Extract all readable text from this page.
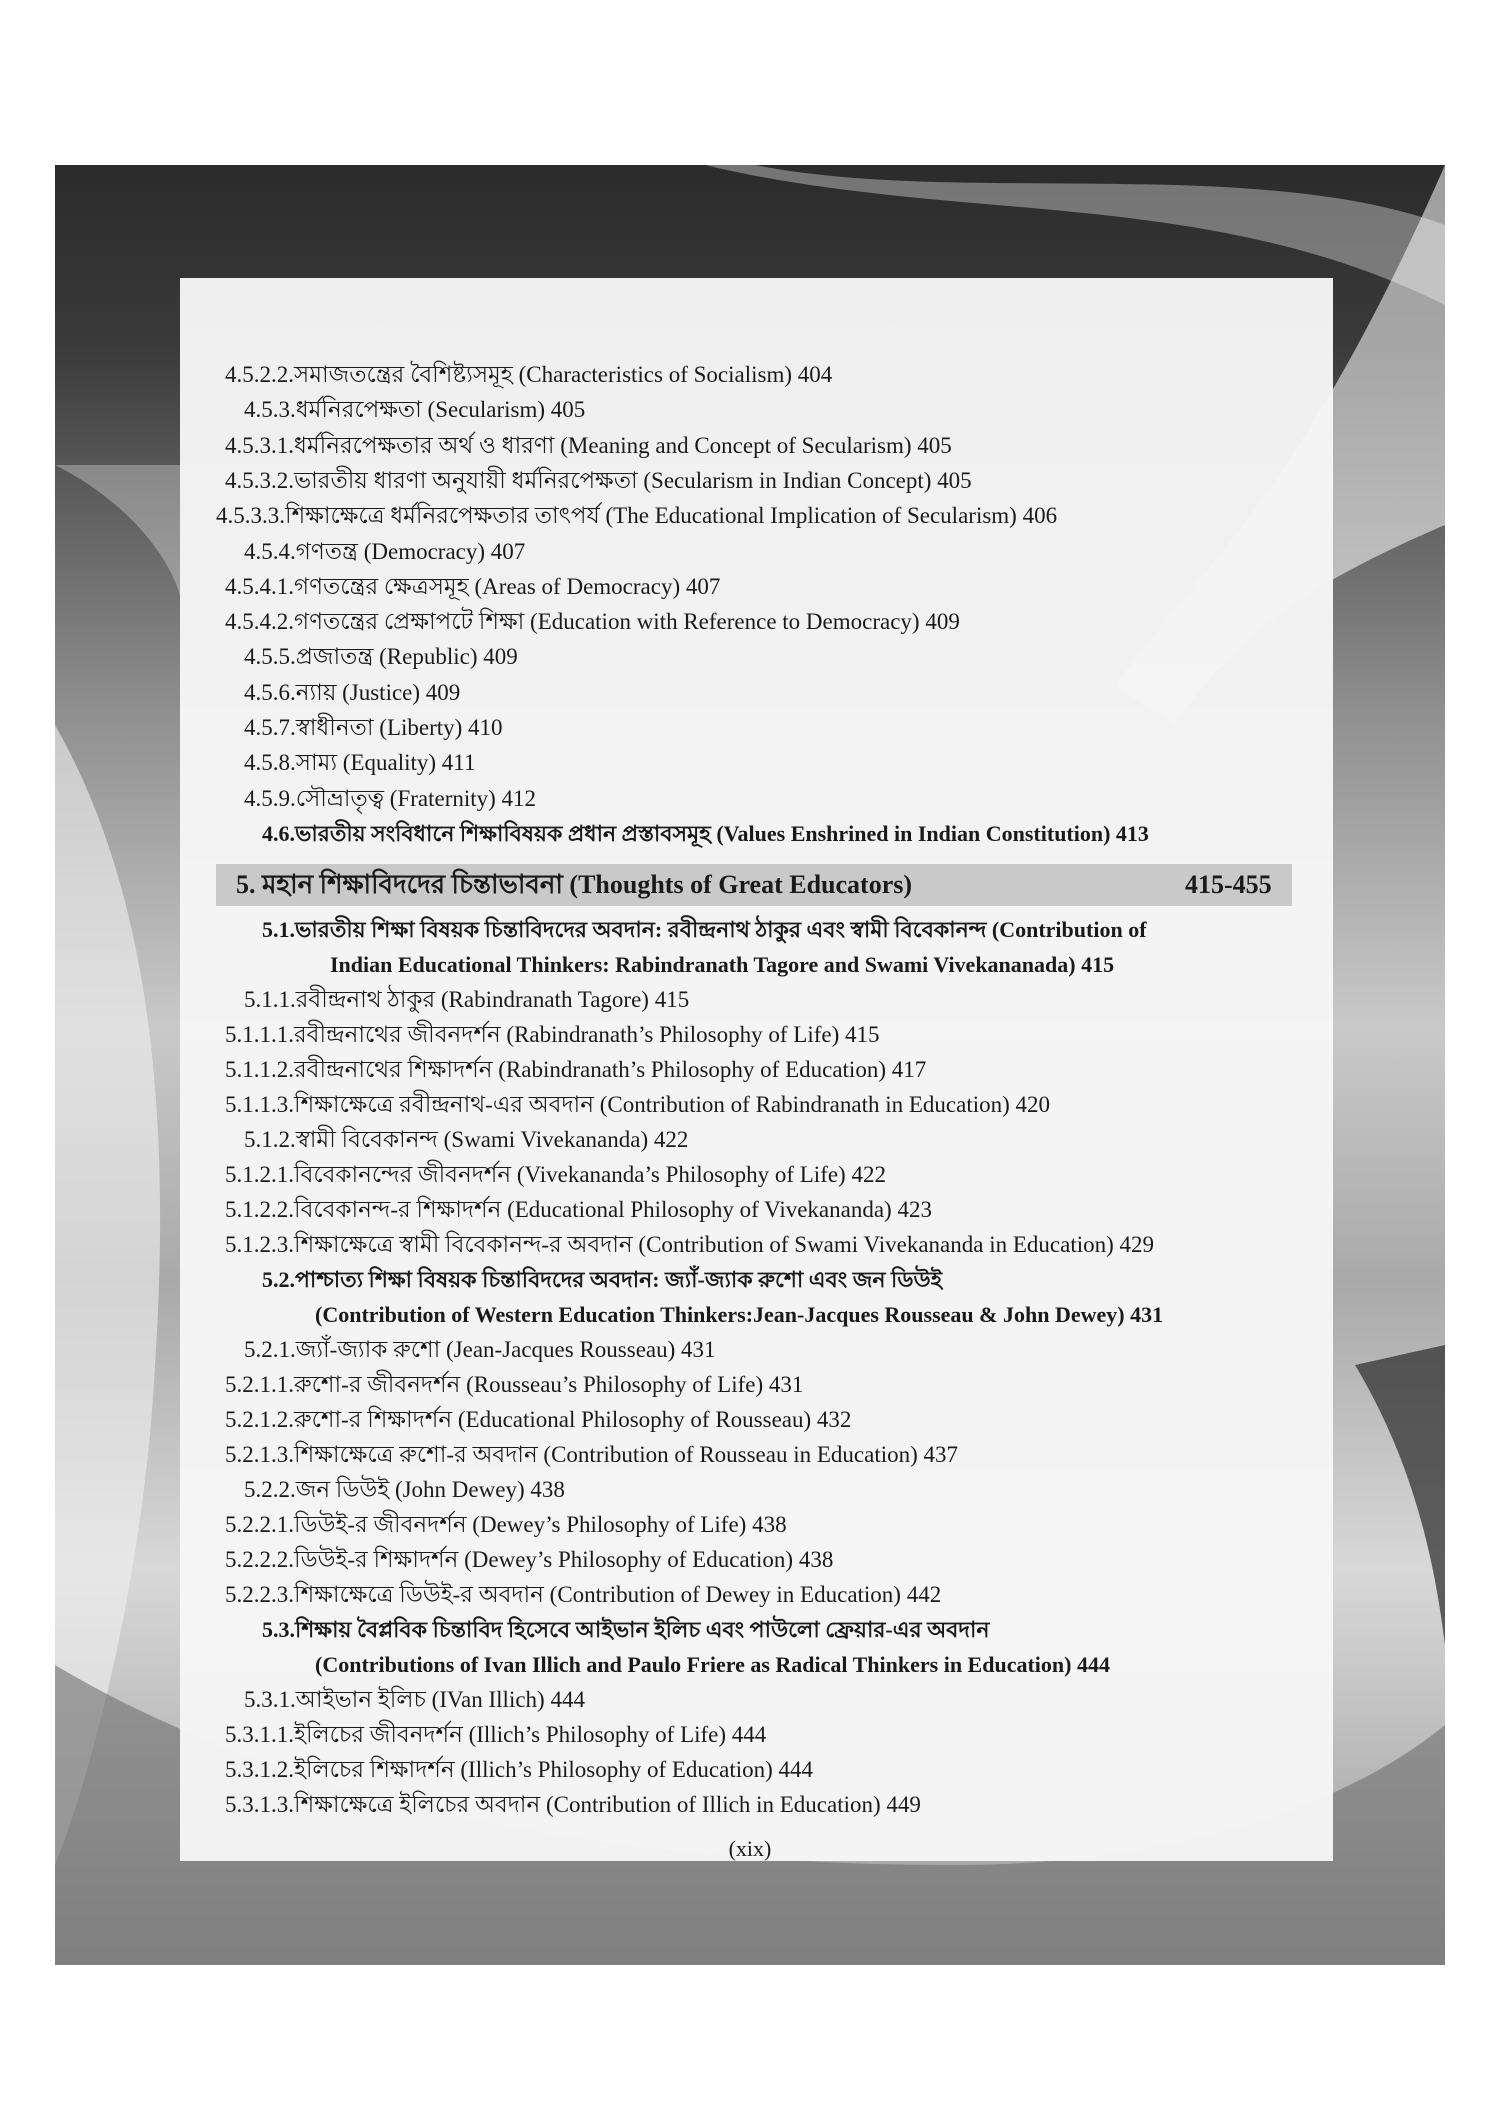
4.5.2.2.সমাজতন্ত্রের বৈশিষ্ট্যসমূহ (Characteristics of Socialism) 404
4.5.3.ধর্মনিরপেক্ষতা (Secularism) 405
4.5.3.1.ধর্মনিরপেক্ষতার অর্থ ও ধারণা (Meaning and Concept of Secularism) 405
4.5.3.2.ভারতীয় ধারণা অনুযায়ী ধর্মনিরপেক্ষতা (Secularism in Indian Concept) 405
4.5.3.3.শিক্ষাক্ষেত্রে ধর্মনিরপেক্ষতার তাৎপর্য (The Educational Implication of Secularism) 406
4.5.4.গণতন্ত্র (Democracy) 407
4.5.4.1.গণতন্ত্রের ক্ষেত্রসমূহ (Areas of Democracy) 407
4.5.4.2.গণতন্ত্রের প্রেক্ষাপটে শিক্ষা (Education with Reference to Democracy) 409
4.5.5.প্রজাতন্ত্র (Republic) 409
4.5.6.ন্যায় (Justice) 409
4.5.7.স্বাধীনতা (Liberty) 410
4.5.8.সাম্য (Equality) 411
4.5.9.সৌভ্রাতৃত্ব (Fraternity) 412
4.6.ভারতীয় সংবিধানে শিক্ষাবিষয়ক প্রধান প্রস্তাবসমূহ (Values Enshrined in Indian Constitution) 413
5. মহান শিক্ষাবিদদের চিন্তাভাবনা (Thoughts of Great Educators)	415-455
5.1.ভারতীয় শিক্ষা বিষয়ক চিন্তাবিদদের অবদান: রবীন্দ্রনাথ ঠাকুর এবং স্বামী বিবেকানন্দ (Contribution of
Indian Educational Thinkers: Rabindranath Tagore and Swami Vivekananada) 415
5.1.1.রবীন্দ্রনাথ ঠাকুর (Rabindranath Tagore) 415
5.1.1.1.রবীন্দ্রনাথের জীবনদর্শন (Rabindranath’s Philosophy of Life) 415
5.1.1.2.রবীন্দ্রনাথের শিক্ষাদর্শন (Rabindranath’s Philosophy of Education) 417
5.1.1.3.শিক্ষাক্ষেত্রে রবীন্দ্রনাথ-এর অবদান (Contribution of Rabindranath in Education) 420
5.1.2.স্বামী বিবেকানন্দ (Swami Vivekananda) 422
5.1.2.1.বিবেকানন্দের জীবনদর্শন (Vivekananda’s Philosophy of Life) 422
5.1.2.2.বিবেকানন্দ-র শিক্ষাদর্শন (Educational Philosophy of Vivekananda) 423
5.1.2.3.শিক্ষাক্ষেত্রে স্বামী বিবেকানন্দ-র অবদান (Contribution of Swami Vivekananda in Education) 429
5.2.পাশ্চাত্য শিক্ষা বিষয়ক চিন্তাবিদদের অবদান: জ্যাঁ-জ্যাক রুশো এবং জন ডিউই
(Contribution of Western Education Thinkers:Jean-Jacques Rousseau & John Dewey) 431
5.2.1.জ্যাঁ-জ্যাক রুশো (Jean-Jacques Rousseau) 431
5.2.1.1.রুশো-র জীবনদর্শন (Rousseau’s Philosophy of Life) 431
5.2.1.2.রুশো-র শিক্ষাদর্শন (Educational Philosophy of Rousseau) 432
5.2.1.3.শিক্ষাক্ষেত্রে রুশো-র অবদান (Contribution of Rousseau in Education) 437
5.2.2.জন ডিউই (John Dewey) 438
5.2.2.1.ডিউই-র জীবনদর্শন (Dewey’s Philosophy of Life) 438
5.2.2.2.ডিউই-র শিক্ষাদর্শন (Dewey’s Philosophy of Education) 438
5.2.2.3.শিক্ষাক্ষেত্রে ডিউই-র অবদান (Contribution of Dewey in Education) 442
5.3.শিক্ষায় বৈপ্লবিক চিন্তাবিদ হিসেবে আইভান ইলিচ এবং পাউলো ফ্রেয়ার-এর অবদান
(Contributions of Ivan Illich and Paulo Friere as Radical Thinkers in Education) 444
5.3.1.আইভান ইলিচ (IVan Illich) 444
5.3.1.1.ইলিচের জীবনদর্শন (Illich’s Philosophy of Life) 444
5.3.1.2.ইলিচের শিক্ষাদর্শন (Illich’s Philosophy of Education) 444
5.3.1.3.শিক্ষাক্ষেত্রে ইলিচের অবদান (Contribution of Illich in Education) 449
(xix)
